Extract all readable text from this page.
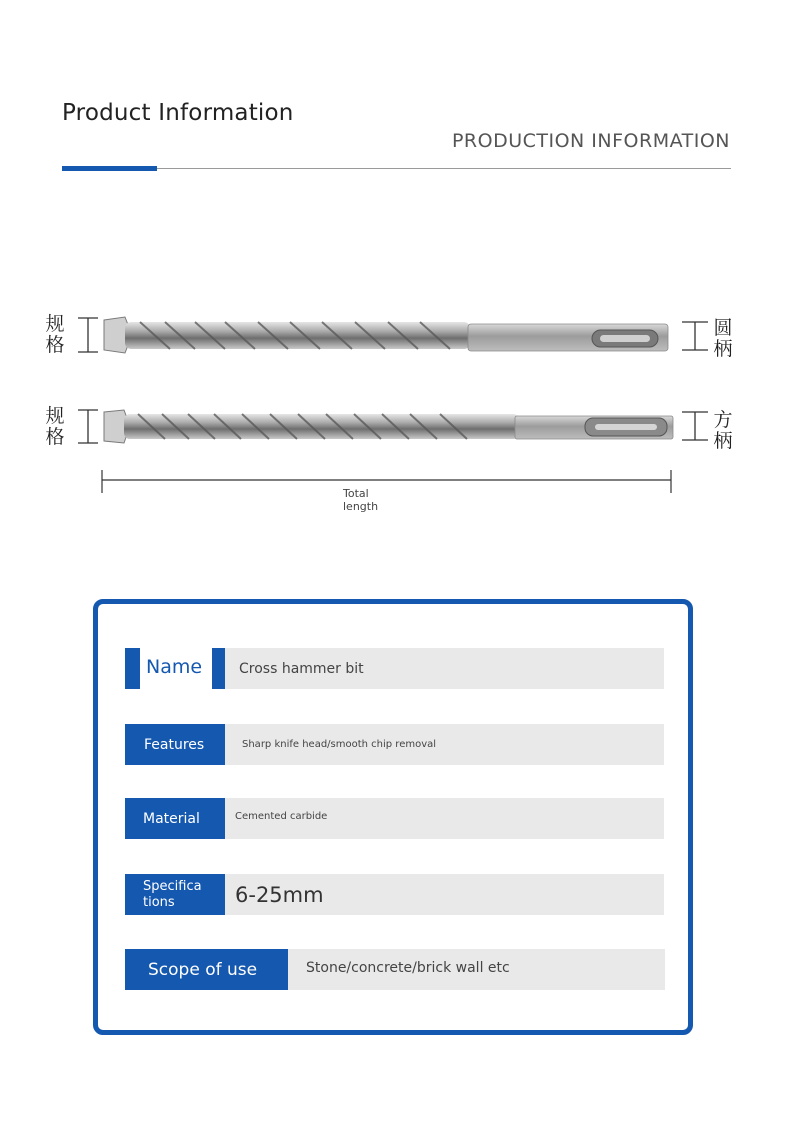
Product Information
PRODUCTION INFORMATION
规格
圆柄
规格
方柄
Total
length
Name	Cross hammer bit
Features	Sharp knife head/smooth chip removal
Material	Cemented carbide
Specifica
tions	6-25mm
Scope of use	Stone/concrete/brick wall etc
